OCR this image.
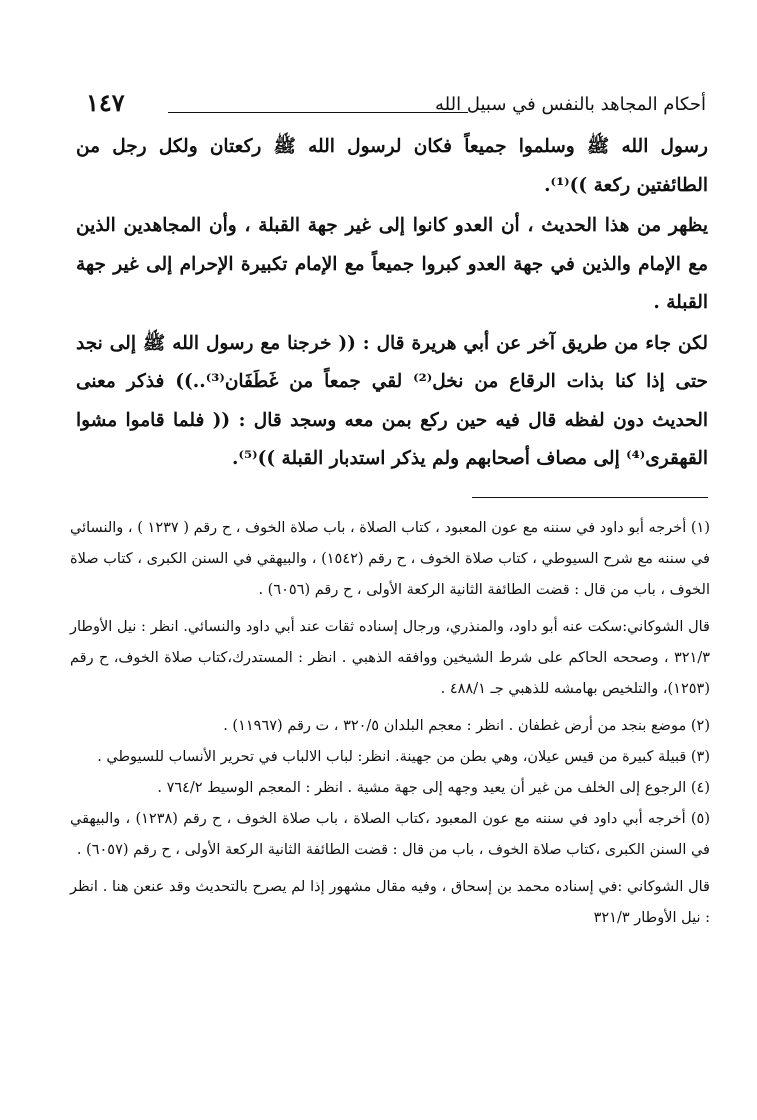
أحكام المجاهد بالنفس في سبيل الله
١٤٧

رسول الله ﷺ وسلموا جميعاً فكان لرسول الله ﷺ ركعتان ولكل رجل من الطائفتين ركعة ))⁽¹⁾.

يظهر من هذا الحديث ، أن العدو كانوا إلى غير جهة القبلة ، وأن المجاهدين الذين مع الإمام والذين في جهة العدو كبروا جميعاً مع الإمام تكبيرة الإحرام إلى غير جهة القبلة .

لكن جاء من طريق آخر عن أبي هريرة قال : (( خرجنا مع رسول الله ﷺ إلى نجد حتى إذا كنا بذات الرقاع من نخل⁽²⁾ لقي جمعاً من غَطَفَان⁽³⁾..)) فذكر معنى الحديث دون لفظه قال فيه حين ركع بمن معه وسجد قال : (( فلما قاموا مشوا القهقرى⁽⁴⁾ إلى مصاف أصحابهم ولم يذكر استدبار القبلة ))⁽⁵⁾.

(١) أخرجه أبو داود في سننه مع عون المعبود ، كتاب الصلاة ، باب صلاة الخوف ، ح رقم ( ١٢٣٧ ) ، والنسائي في سننه مع شرح السيوطي ، كتاب صلاة الخوف ، ح رقم (١٥٤٢) ، والبيهقي في السنن الكبرى ، كتاب صلاة الخوف ، باب من قال : قضت الطائفة الثانية الركعة الأولى ، ح رقم (٦٠٥٦) .

قال الشوكاني:سكت عنه أبو داود، والمنذري، ورجال إسناده ثقات عند أبي داود والنسائي. انظر : نيل الأوطار ٣٢١/٣ ، وصححه الحاكم على شرط الشيخين ووافقه الذهبي . انظر : المستدرك،كتاب صلاة الخوف، ح رقم (١٢٥٣)، والتلخيص بهامشه للذهبي جـ ٤٨٨/١ .

(٢) موضع بنجد من أرض غطفان . انظر : معجم البلدان ٣٢٠/٥ ، ت رقم (١١٩٦٧) .

(٣) قبيلة كبيرة من قيس عيلان، وهي بطن من جهينة. انظر: لباب الالباب في تحرير الأنساب للسيوطي .

(٤) الرجوع إلى الخلف من غير أن يعيد وجهه إلى جهة مشية . انظر : المعجم الوسيط ٧٦٤/٢ .

(٥) أخرجه أبي داود في سننه مع عون المعبود ،كتاب الصلاة ، باب صلاة الخوف ، ح رقم (١٢٣٨) ، والبيهقي في السنن الكبرى ،كتاب صلاة الخوف ، باب من قال : قضت الطائفة الثانية الركعة الأولى ، ح رقم (٦٠٥٧) .

قال الشوكاني :في إسناده محمد بن إسحاق ، وفيه مقال مشهور إذا لم يصرح بالتحديث وقد عنعن هنا . انظر : نيل الأوطار ٣٢١/٣
